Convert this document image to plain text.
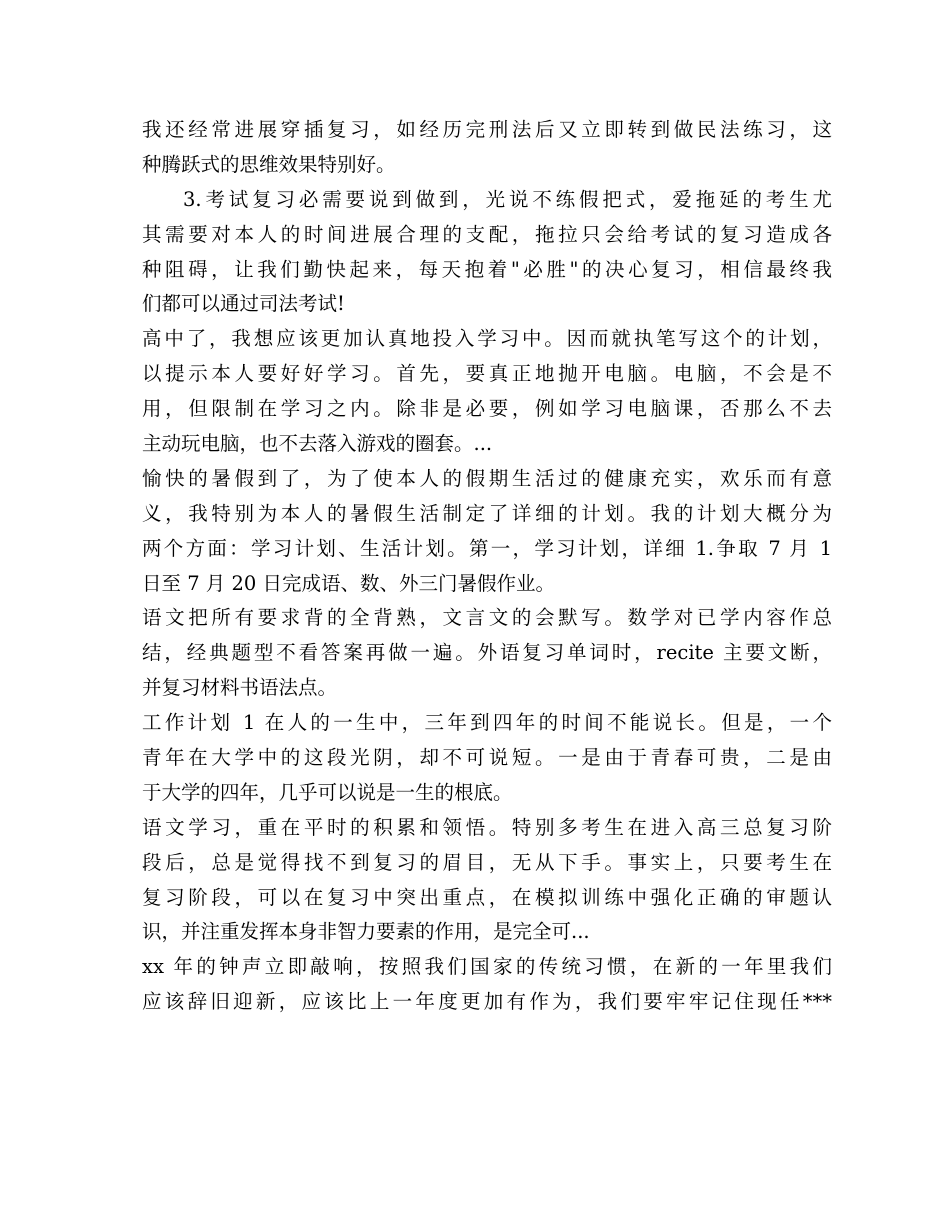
我还经常进展穿插复习，如经历完刑法后又立即转到做民法练习，这
种腾跃式的思维效果特别好。
3.考试复习必需要说到做到，光说不练假把式，爱拖延的考生尤
其需要对本人的时间进展合理的支配，拖拉只会给考试的复习造成各
种阻碍，让我们勤快起来，每天抱着"必胜"的决心复习，相信最终我
们都可以通过司法考试!
高中了，我想应该更加认真地投入学习中。因而就执笔写这个的计划，
以提示本人要好好学习。首先，要真正地抛开电脑。电脑，不会是不
用，但限制在学习之内。除非是必要，例如学习电脑课，否那么不去
主动玩电脑，也不去落入游戏的圈套。...
愉快的暑假到了，为了使本人的假期生活过的健康充实，欢乐而有意
义，我特别为本人的暑假生活制定了详细的计划。我的计划大概分为
两个方面：学习计划、生活计划。第一，学习计划，详细 1.争取 7 月 1
日至 7 月 20 日完成语、数、外三门暑假作业。
语文把所有要求背的全背熟，文言文的会默写。数学对已学内容作总
结，经典题型不看答案再做一遍。外语复习单词时，recite 主要文断，
并复习材料书语法点。
工作计划 1 在人的一生中，三年到四年的时间不能说长。但是，一个
青年在大学中的这段光阴，却不可说短。一是由于青春可贵，二是由
于大学的四年，几乎可以说是一生的根底。
语文学习，重在平时的积累和领悟。特别多考生在进入高三总复习阶
段后，总是觉得找不到复习的眉目，无从下手。事实上，只要考生在
复习阶段，可以在复习中突出重点，在模拟训练中强化正确的审题认
识，并注重发挥本身非智力要素的作用，是完全可...
xx 年的钟声立即敲响，按照我们国家的传统习惯，在新的一年里我们
应该辞旧迎新，应该比上一年度更加有作为，我们要牢牢记住现任***
